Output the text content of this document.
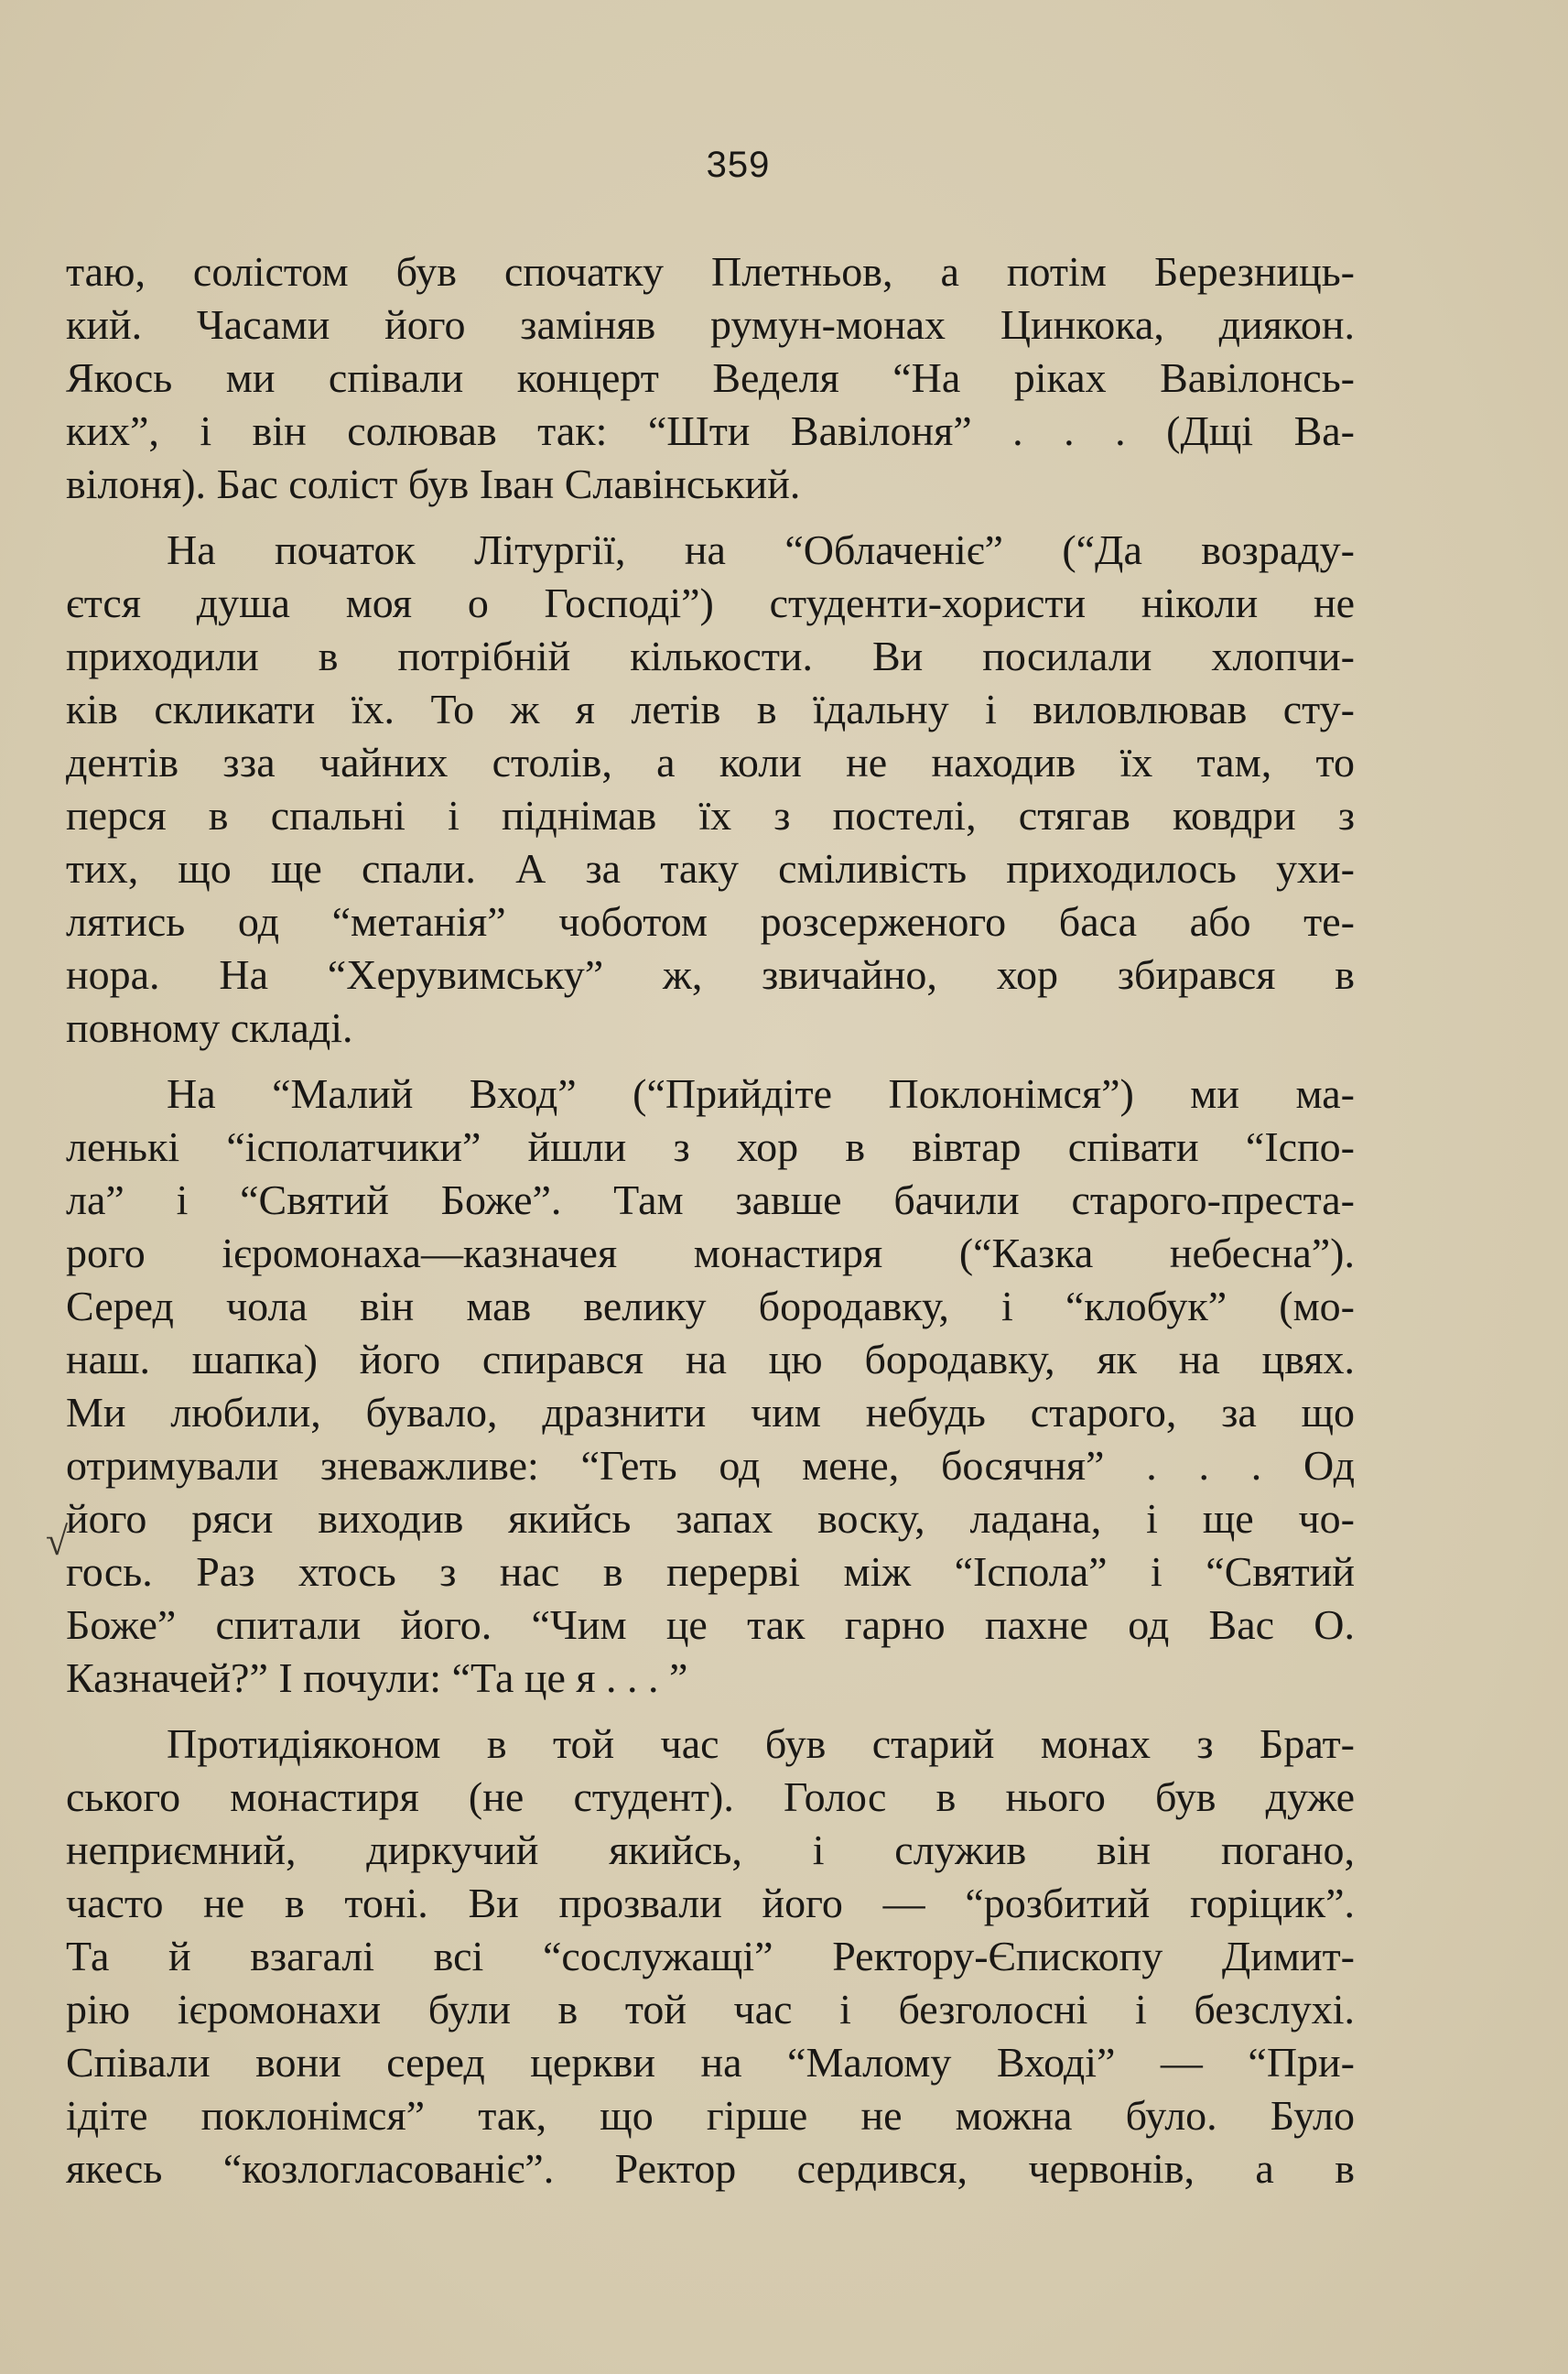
359
√
таю, солістом був спочатку Плетньов, а потім Березниць-
кий. Часами його заміняв румун-монах Цинкока, диякон.
Якось ми співали концерт Веделя “На ріках Вавілонсь-
ких”, і він солював так: “Шти Вавілоня” . . . (Дщі Ва-
вілоня). Бас соліст був Іван Славінський.
На початок Літургії, на “Облаченіє” (“Да возраду-
єтся душа моя о Господі”) студенти-хористи ніколи не
приходили в потрібній кількости. Ви посилали хлопчи-
ків скликати їх. То ж я летів в їдальну і виловлював сту-
дентів зза чайних столів, а коли не находив їх там, то
перся в спальні і піднімав їх з постелі, стягав ковдри з
тих, що ще спали. А за таку сміливість приходилось ухи-
лятись од “метанія” чоботом розсерженого баса або те-
нора. На “Херувимську” ж, звичайно, хор збирався в
повному складі.
На “Малий Вход” (“Прийдіте Поклонімся”) ми ма-
ленькі “ісполатчики” йшли з хор в вівтар співати “Іспо-
ла” і “Святий Боже”. Там завше бачили старого-преста-
рого ієромонаха—казначея монастиря (“Казка небесна”).
Серед чола він мав велику бородавку, і “клобук” (мо-
наш. шапка) його спирався на цю бородавку, як на цвях.
Ми любили, бувало, дразнити чим небудь старого, за що
отримували зневажливе: “Геть од мене, босячня” . . . Од
його ряси виходив якийсь запах воску, ладана, і ще чо-
гось. Раз хтось з нас в перерві між “Ісполa” і “Святий
Боже” спитали його. “Чим це так гарно пахне од Вас О.
Казначей?” І почули: “Та це я . . . ”
Протидіяконом в той час був старий монах з Брат-
ського монастиря (не студент). Голос в нього був дуже
неприємний, диркучий якийсь, і служив він погано,
часто не в тоні. Ви прозвали його — “розбитий горіцик”.
Та й взагалі всі “сослужащі” Ректору-Єпископу Димит-
рію ієромонахи були в той час і безголосні і безслухі.
Співали вони серед церкви на “Малому Вході” — “При-
ідіте поклонімся” так, що гірше не можна було. Було
якесь “козлогласованіє”. Ректор сердився, червонів, а в
